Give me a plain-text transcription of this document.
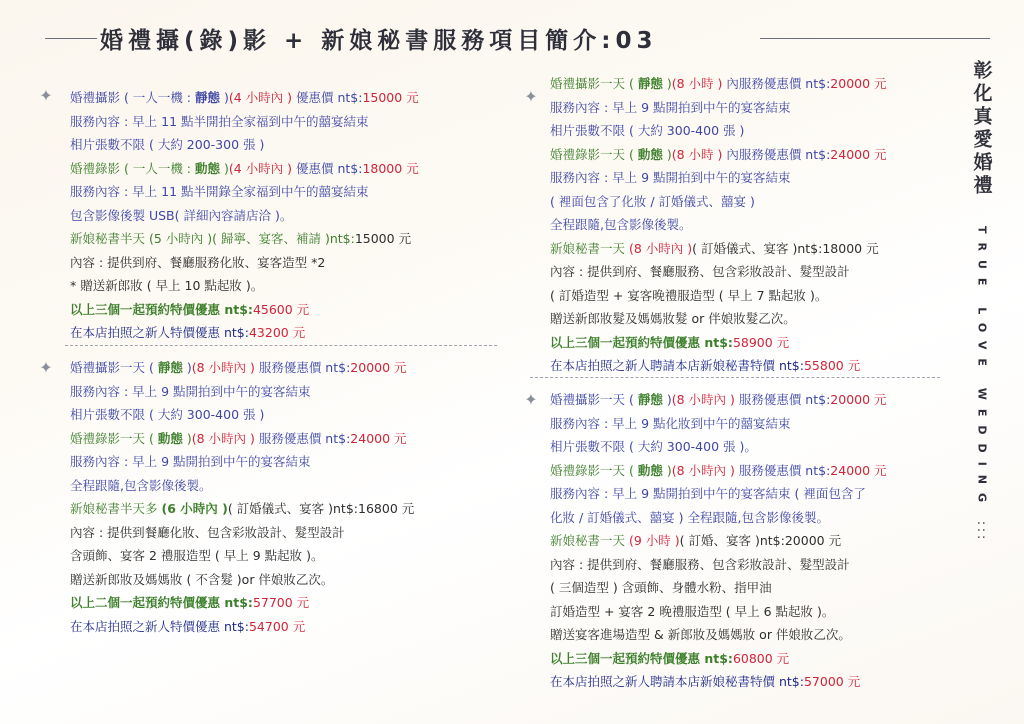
婚禮攝(錄)影 + 新娘秘書服務項目簡介:03
✦ 婚禮攝影 ( 一人一機 : 靜態 )(4 小時內 ) 優惠價 nt$:15000 元
服務內容 : 早上 11 點半開拍全家福到中午的囍宴結束
相片張數不限 ( 大約 200-300 張 )
婚禮錄影 ( 一人一機 : 動態 )(4 小時內 ) 優惠價 nt$:18000 元
服務內容 : 早上 11 點半開錄全家福到中午的囍宴結束
包含影像後製 USB( 詳細內容請店洽 )。
新娘秘書半天 (5 小時內 )( 歸寧、宴客、補請 )nt$:15000 元
內容 : 提供到府、餐廳服務化妝、宴客造型 *2
* 贈送新郎妝 ( 早上 10 點起妝 )。
以上三個一起預約特價優惠 nt$:45600 元
在本店拍照之新人特價優惠 nt$:43200 元
✦ 婚禮攝影一天 ( 靜態 )(8 小時內 ) 服務優惠價 nt$:20000 元
服務內容 : 早上 9 點開拍到中午的宴客結束
相片張數不限 ( 大約 300-400 張 )
婚禮錄影一天 ( 動態 )(8 小時內 ) 服務優惠價 nt$:24000 元
服務內容 : 早上 9 點開拍到中午的宴客結束
全程跟隨,包含影像後製。
新娘秘書半天多 (6 小時內 )( 訂婚儀式、宴客 )nt$:16800 元
內容 : 提供到餐廳化妝、包含彩妝設計、髮型設計
含頭飾、宴客 2 禮服造型 ( 早上 9 點起妝 )。
贈送新郎妝及媽媽妝 ( 不含髮 )or 伴娘妝乙次。
以上二個一起預約特價優惠 nt$:57700 元
在本店拍照之新人特價優惠 nt$:54700 元
✦
婚禮攝影一天 ( 靜態 )(8 小時 ) 內服務優惠價 nt$:20000 元
服務內容 : 早上 9 點開拍到中午的宴客結束
相片張數不限 ( 大約 300-400 張 )
婚禮錄影一天 ( 動態 )(8 小時 ) 內服務優惠價 nt$:24000 元
服務內容 : 早上 9 點開拍到中午的宴客結束
( 裡面包含了化妝 / 訂婚儀式、囍宴 )
全程跟隨,包含影像後製。
新娘秘書一天 (8 小時內 )( 訂婚儀式、宴客 )nt$:18000 元
內容 : 提供到府、餐廳服務、包含彩妝設計、髮型設計
( 訂婚造型 + 宴客晚禮服造型 ( 早上 7 點起妝 )。
贈送新郎妝髮及媽媽妝髮 or 伴娘妝髮乙次。
以上三個一起預約特價優惠 nt$:58900 元
在本店拍照之新人聘請本店新娘秘書特價 nt$:55800 元
✦ 婚禮攝影一天 ( 靜態 )(8 小時內 ) 服務優惠價 nt$:20000 元
服務內容 : 早上 9 點化妝到中午的囍宴結束
相片張數不限 ( 大約 300-400 張 )。
婚禮錄影一天 ( 動態 )(8 小時內 ) 服務優惠價 nt$:24000 元
服務內容 : 早上 9 點開拍到中午的宴客結束 ( 裡面包含了
化妝 / 訂婚儀式、囍宴 ) 全程跟隨,包含影像後製。
新娘秘書一天 (9 小時 )( 訂婚、宴客 )nt$:20000 元
內容 : 提供到府、餐廳服務、包含彩妝設計、髮型設計
( 三個造型 ) 含頭飾、身體水粉、指甲油
訂婚造型 + 宴客 2 晚禮服造型 ( 早上 6 點起妝 )。
贈送宴客進場造型 & 新郎妝及媽媽妝 or 伴娘妝乙次。
以上三個一起預約特價優惠 nt$:60800 元
在本店拍照之新人聘請本店新娘秘書特價 nt$:57000 元
彰化真愛婚禮
TRUE LOVE WEDDING
:::
